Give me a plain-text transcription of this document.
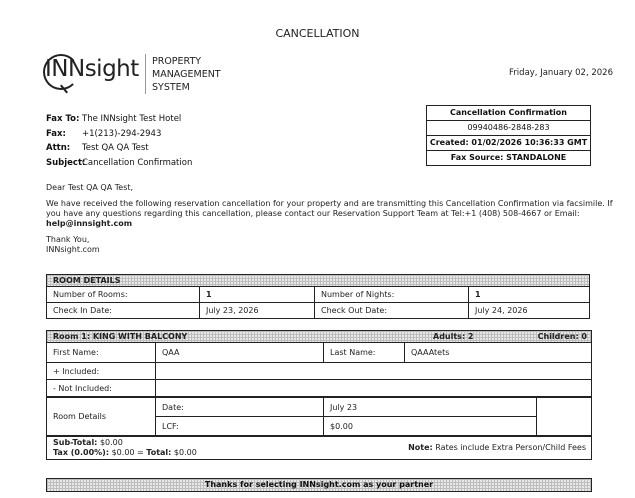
CANCELLATION
INNsight PROPERTY
MANAGEMENT
SYSTEM
Friday, January 02, 2026
Fax To: The INNsight Test Hotel
Fax:	+1(213)-294-2943
Attn:	Test QA QA Test
Subject:
Cancellation Confirmation
Cancellation Confirmation
09940486-2848-283
Created: 01/02/2026 10:36:33 GMT
Fax Source: STANDALONE

Dear Test QA QA Test,

We have received the following reservation cancellation for your property and are transmitting this Cancellation Confirmation via facsimile. If you have any questions regarding this cancellation, please contact our Reservation Support Team at Tel:+1 (408) 508-4667 or Email:
help@innsight.com

Thank You,
INNsight.com

ROOM DETAILS			
Number of Rooms:	1	Number of Nights:	1
Check In Date:	July 23, 2026	Check Out Date:	July 24, 2026
Room 1: KING WITH BALCONY	Adults: 2	Children: 0

First Name:	QAA	Last Name:	QAAAtets
+ Included:	
- Not Included:	

Room Details	Date:	July 23	
LCF:	$0.00

Sub-Total: $0.00
Tax (0.00%): $0.00 = Total: $0.00
Note: Rates include Extra Person/Child Fees
Thanks for selecting INNsight.com as your partner
